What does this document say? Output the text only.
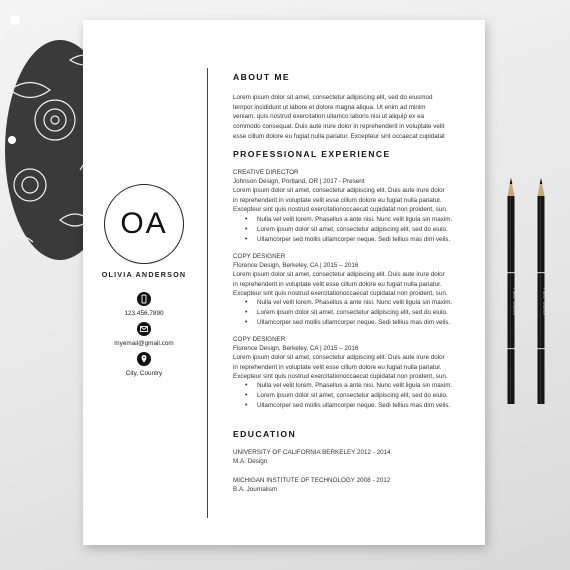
OA
OLIVIA ANDERSON
123.456.7890
myemail@gmail.com
City, Country
ABOUT ME
Lorem ipsum dolor sit amet, consectetur adipiscing elit, sed do eiusmod
tempor incididunt ut labore et dolore magna aliqua. Ut enim ad minim
veniam, quis nostrud exercitation ullamco laboris nisi ut aliquip ex ea
commodo consequat. Duis aute irure dolor in reprehenderit in voluptate velit
esse cillum dolore eu fugiat nulla pariatur. Excepteur sint occaecat cupidatat
PROFESSIONAL EXPERIENCE
CREATIVE DIRECTOR
Johnson Design, Portland, OR | 2017 - Present
Lorem ipsum dolor sit amet, consectetur adipiscing elit. Duis aute irure dolor
in reprehenderit in voluptate velit esse cillum dolore eu fugiat nulla pariatur.
Excepteur sint quis nostrud exercitationoccaecat cupidatat non proident, sun.
• Nulla vel velit lorem. Phasellus a ante nisi. Nunc velit ligula sin maxim.
• Lorem ipsum dolor sit amet, consectetur adipiscing elit, sed do eiulo.
• Ullamcorper sed mollis ullamcorper neque. Sedi tellius mas dim velis.
COPY DESIGNER
Florence Design, Berkeley, CA | 2015 – 2016
Lorem ipsum dolor sit amet, consectetur adipiscing elit. Duis aute irure dolor
in reprehenderit in voluptate velit esse cillum dolore eu fugiat nulla pariatur.
Excepteur sint quis nostrud exercitationoccaecat cupidatat non proident, sun.
• Nulla vel velit lorem. Phasellus a ante nisi. Nunc velit ligula sin maxim.
• Lorem ipsum dolor sit amet, consectetur adipiscing elit, sed do eiulo.
• Ullamcorper sed mollis ullamcorper neque. Sedi tellius mas dim velis.
COPY DESIGNER
Florence Design, Berkeley, CA | 2015 – 2016
Lorem ipsum dolor sit amet, consectetur adipiscing elit. Duis aute irure dolor
in reprehenderit in voluptate velit esse cillum dolore eu fugiat nulla pariatur.
Excepteur sint quis nostrud exercitationoccaecat cupidatat non proident, sun.
• Nulla vel velit lorem. Phasellus a ante nisi. Nunc velit ligula sin maxim.
• Lorem ipsum dolor sit amet, consectetur adipiscing elit, sed do eiulo.
• Ullamcorper sed mollis ullamcorper neque. Sedi tellius mas dim velis.
EDUCATION
UNIVERSITY OF CALIFORNIA BERKELEY 2012 - 2014
M.A. Design
MICHIGAN INSTITUTE OF TECHNOLOGY 2008 - 2012
B.A. Journalism
Faber-Castell	Faber-Castell
